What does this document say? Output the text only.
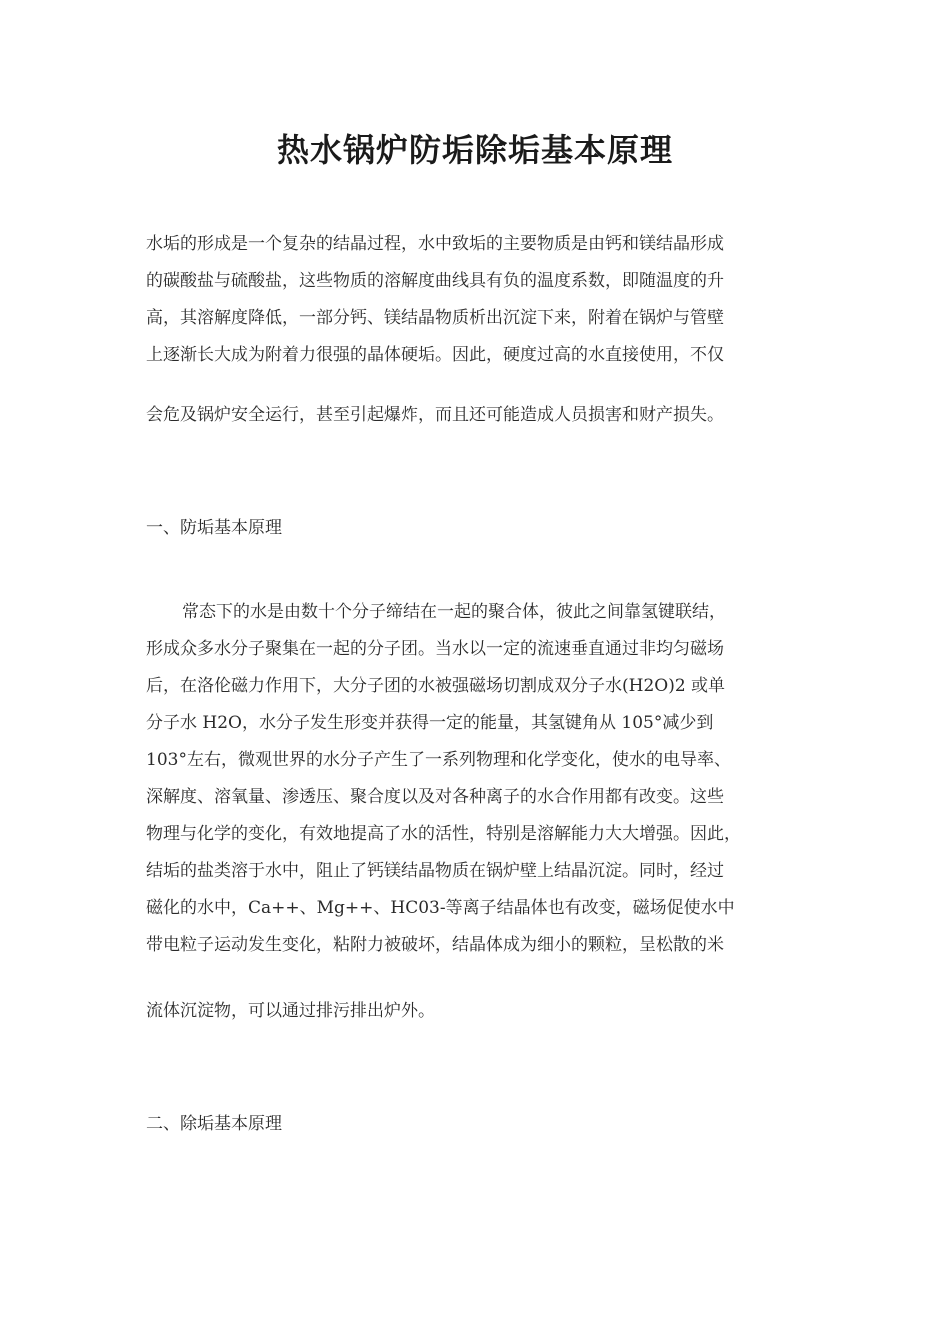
热水锅炉防垢除垢基本原理
水垢的形成是一个复杂的结晶过程，水中致垢的主要物质是由钙和镁结晶形成
的碳酸盐与硫酸盐，这些物质的溶解度曲线具有负的温度系数，即随温度的升
高，其溶解度降低，一部分钙、镁结晶物质析出沉淀下来，附着在锅炉与管壁
上逐渐长大成为附着力很强的晶体硬垢。因此，硬度过高的水直接使用，不仅
会危及锅炉安全运行，甚至引起爆炸，而且还可能造成人员损害和财产损失。
一、防垢基本原理
常态下的水是由数十个分子缔结在一起的聚合体，彼此之间靠氢键联结，
形成众多水分子聚集在一起的分子团。当水以一定的流速垂直通过非均匀磁场
后，在洛伦磁力作用下，大分子团的水被强磁场切割成双分子水(H2O)2 或单
分子水 H2O，水分子发生形变并获得一定的能量，其氢键角从 105°减少到
103°左右，微观世界的水分子产生了一系列物理和化学变化，使水的电导率、
深解度、溶氧量、渗透压、聚合度以及对各种离子的水合作用都有改变。这些
物理与化学的变化，有效地提高了水的活性，特别是溶解能力大大增强。因此，
结垢的盐类溶于水中，阻止了钙镁结晶物质在锅炉壁上结晶沉淀。同时，经过
磁化的水中，Ca++、Mg++、HC03-等离子结晶体也有改变，磁场促使水中
带电粒子运动发生变化，粘附力被破坏，结晶体成为细小的颗粒，呈松散的米
流体沉淀物，可以通过排污排出炉外。
二、除垢基本原理
